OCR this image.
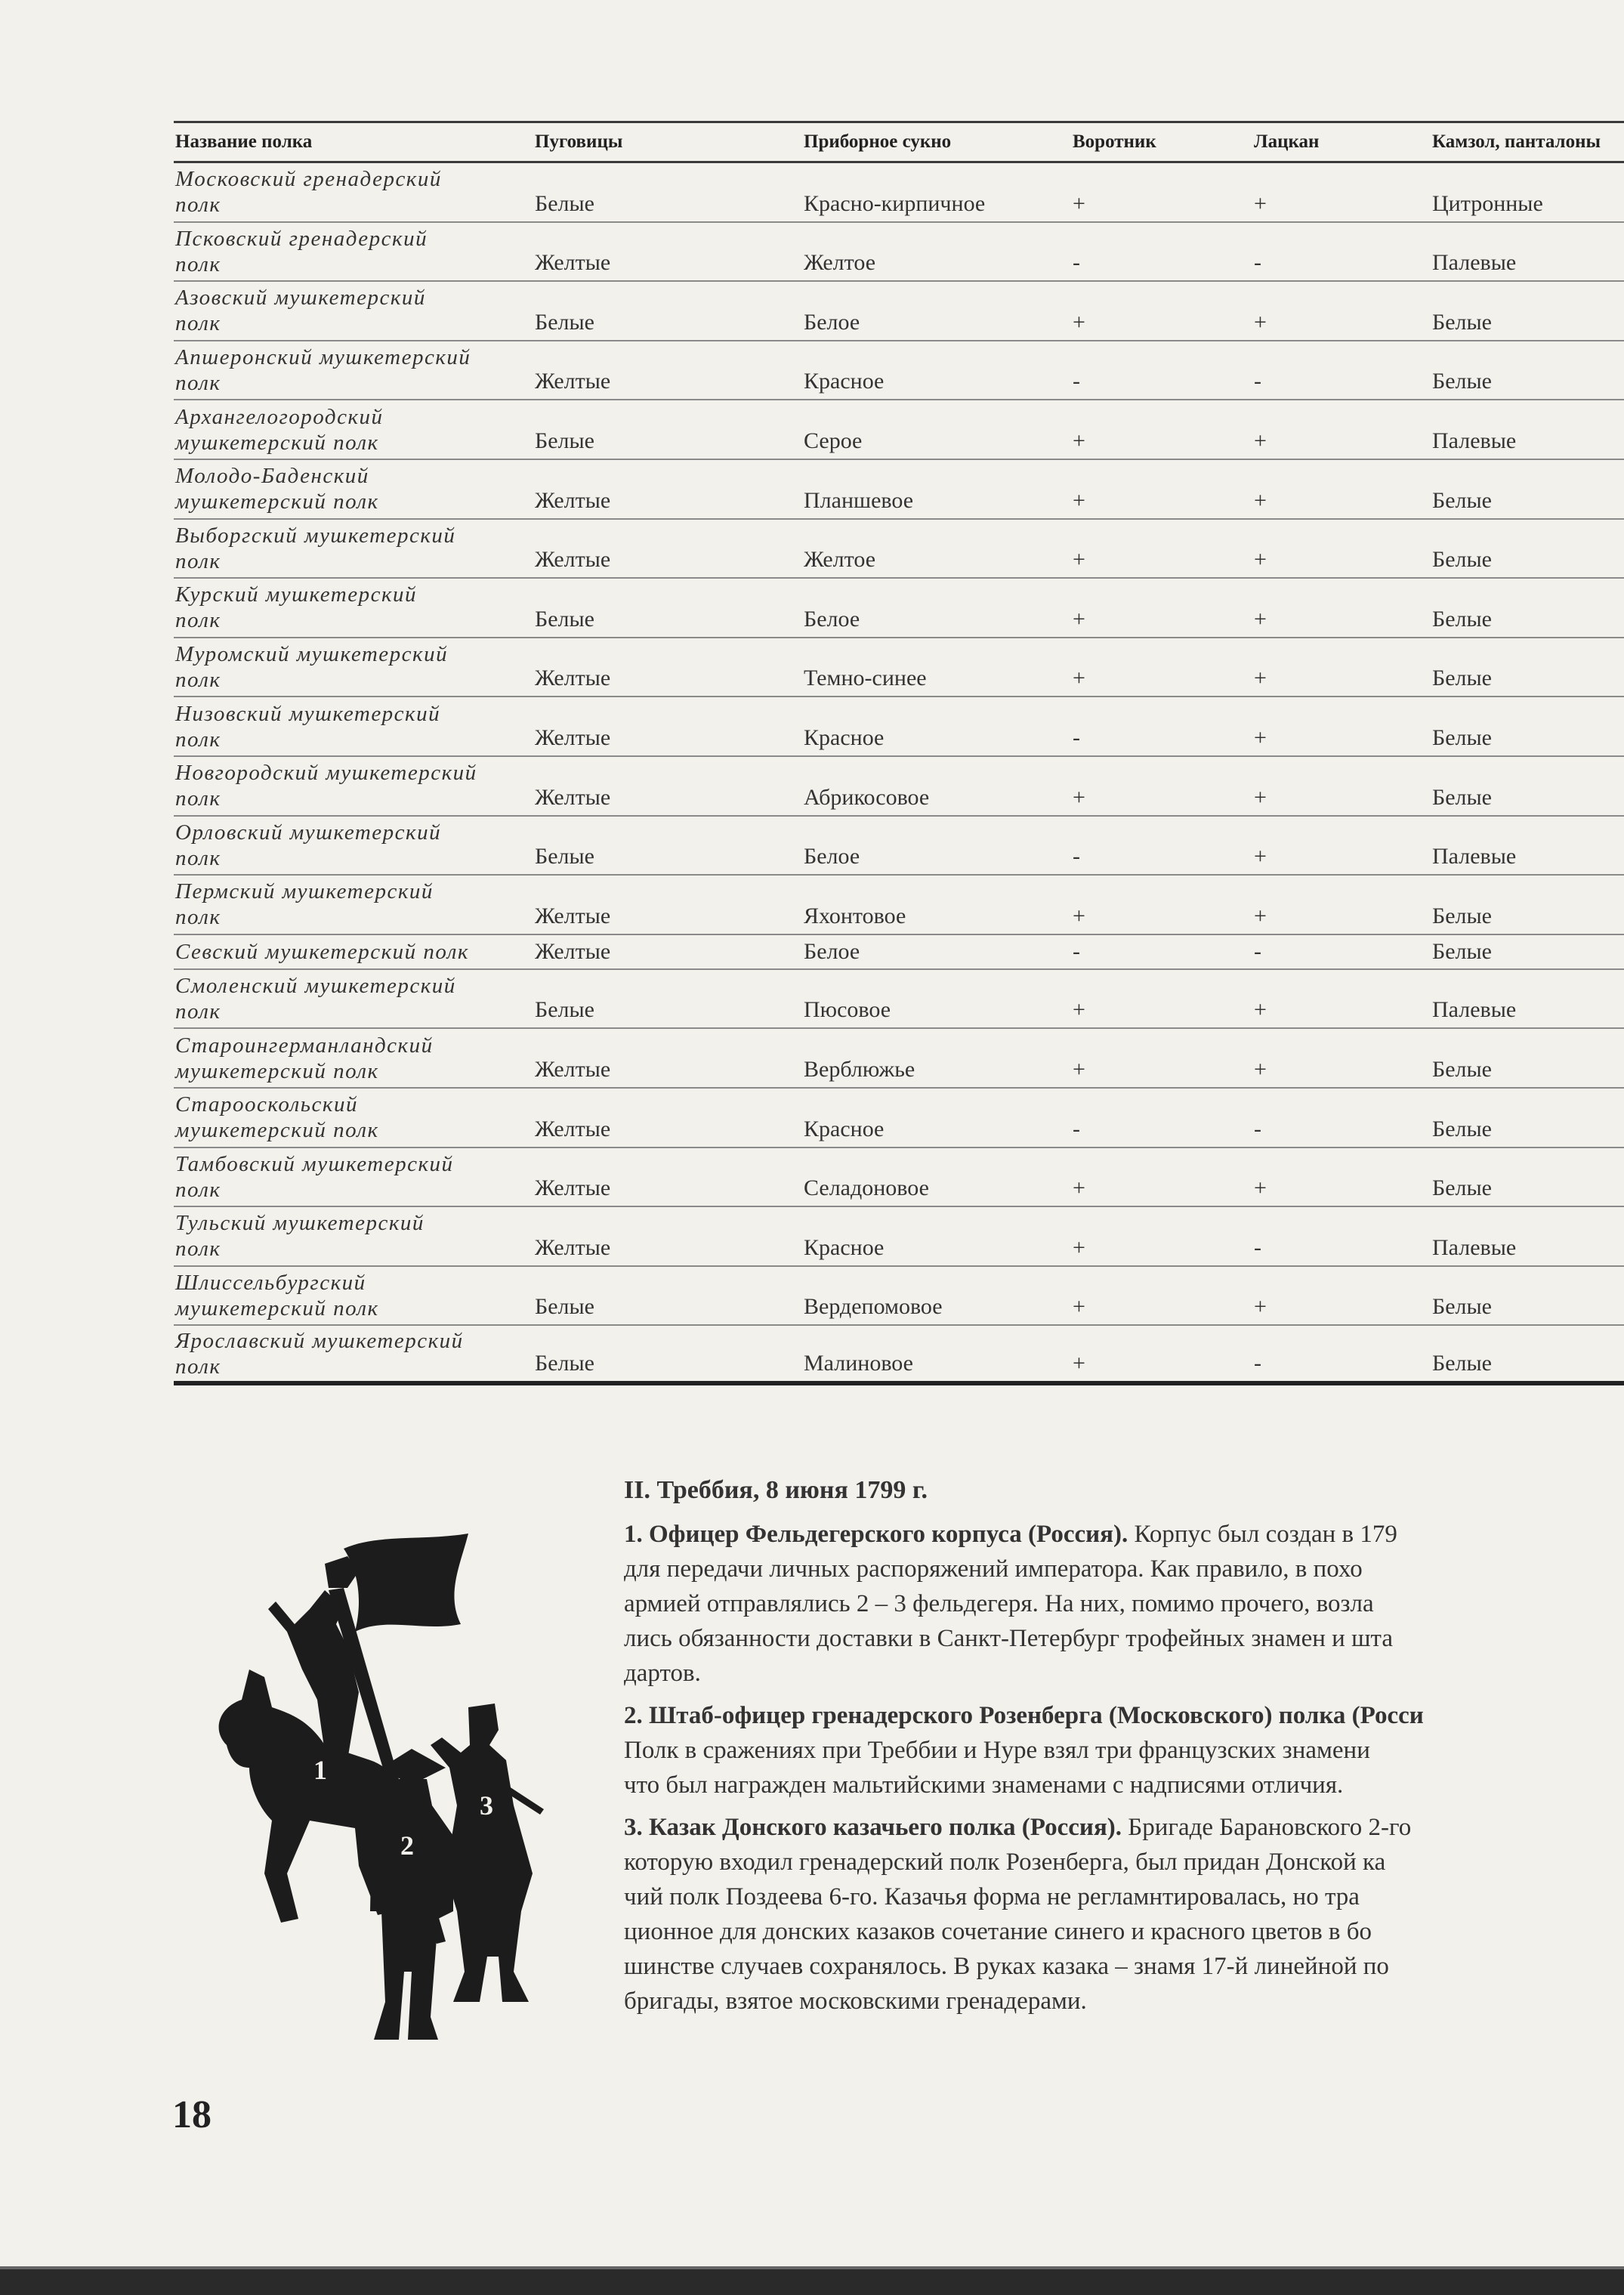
Название полка	Пуговицы	Приборное сукно	Воротник	Лацкан	Камзол, панталоны
Московский гренадерский
полк	Белые	Красно-кирпичное	+	+	Цитронные
Псковский гренадерский
полк	Желтые	Желтое	-	-	Палевые
Азовский мушкетерский
полк	Белые	Белое	+	+	Белые
Апшеронский мушкетерский
полк	Желтые	Красное	-	-	Белые
Архангелогородский
мушкетерский полк	Белые	Серое	+	+	Палевые
Молодо-Баденский
мушкетерский полк	Желтые	Планшевое	+	+	Белые
Выборгский мушкетерский
полк	Желтые	Желтое	+	+	Белые
Курский мушкетерский
полк	Белые	Белое	+	+	Белые
Муромский мушкетерский
полк	Желтые	Темно-синее	+	+	Белые
Низовский мушкетерский
полк	Желтые	Красное	-	+	Белые
Новгородский мушкетерский
полк	Желтые	Абрикосовое	+	+	Белые
Орловский мушкетерский
полк	Белые	Белое	-	+	Палевые
Пермский мушкетерский
полк	Желтые	Яхонтовое	+	+	Белые
Севский мушкетерский полк	Желтые	Белое	-	-	Белые
Смоленский мушкетерский
полк	Белые	Пюсовое	+	+	Палевые
Староингерманландский
мушкетерский полк	Желтые	Верблюжье	+	+	Белые
Старооскольский
мушкетерский полк	Желтые	Красное	-	-	Белые
Тамбовский мушкетерский
полк	Желтые	Селадоновое	+	+	Белые
Тульский мушкетерский
полк	Желтые	Красное	+	-	Палевые
Шлиссельбургский
мушкетерский полк	Белые	Вердепомовое	+	+	Белые
Ярославский мушкетерский
полк	Белые	Малиновое	+	-	Белые
1
2
3
II. Треббия, 8 июня 1799 г.
1. Офицер Фельдегерского корпуса (Россия). Корпус был создан в 179
для передачи личных распоряжений императора. Как правило, в похо
армией отправлялись 2 – 3 фельдегеря. На них, помимо прочего, возла
лись обязанности доставки в Санкт-Петербург трофейных знамен и шта
дартов.
2. Штаб-офицер гренадерского Розенберга (Московского) полка (Росси
Полк в сражениях при Треббии и Нуре взял три французских знамени
что был награжден мальтийскими знаменами с надписями отличия.
3. Казак Донского казачьего полка (Россия). Бригаде Барановского 2-го
которую входил гренадерский полк Розенберга, был придан Донской ка
чий полк Поздеева 6-го. Казачья форма не регламнтировалась, но тра
ционное для донских казаков сочетание синего и красного цветов в бо
шинстве случаев сохранялось. В руках казака – знамя 17-й линейной по
бригады, взятое московскими гренадерами.
18
